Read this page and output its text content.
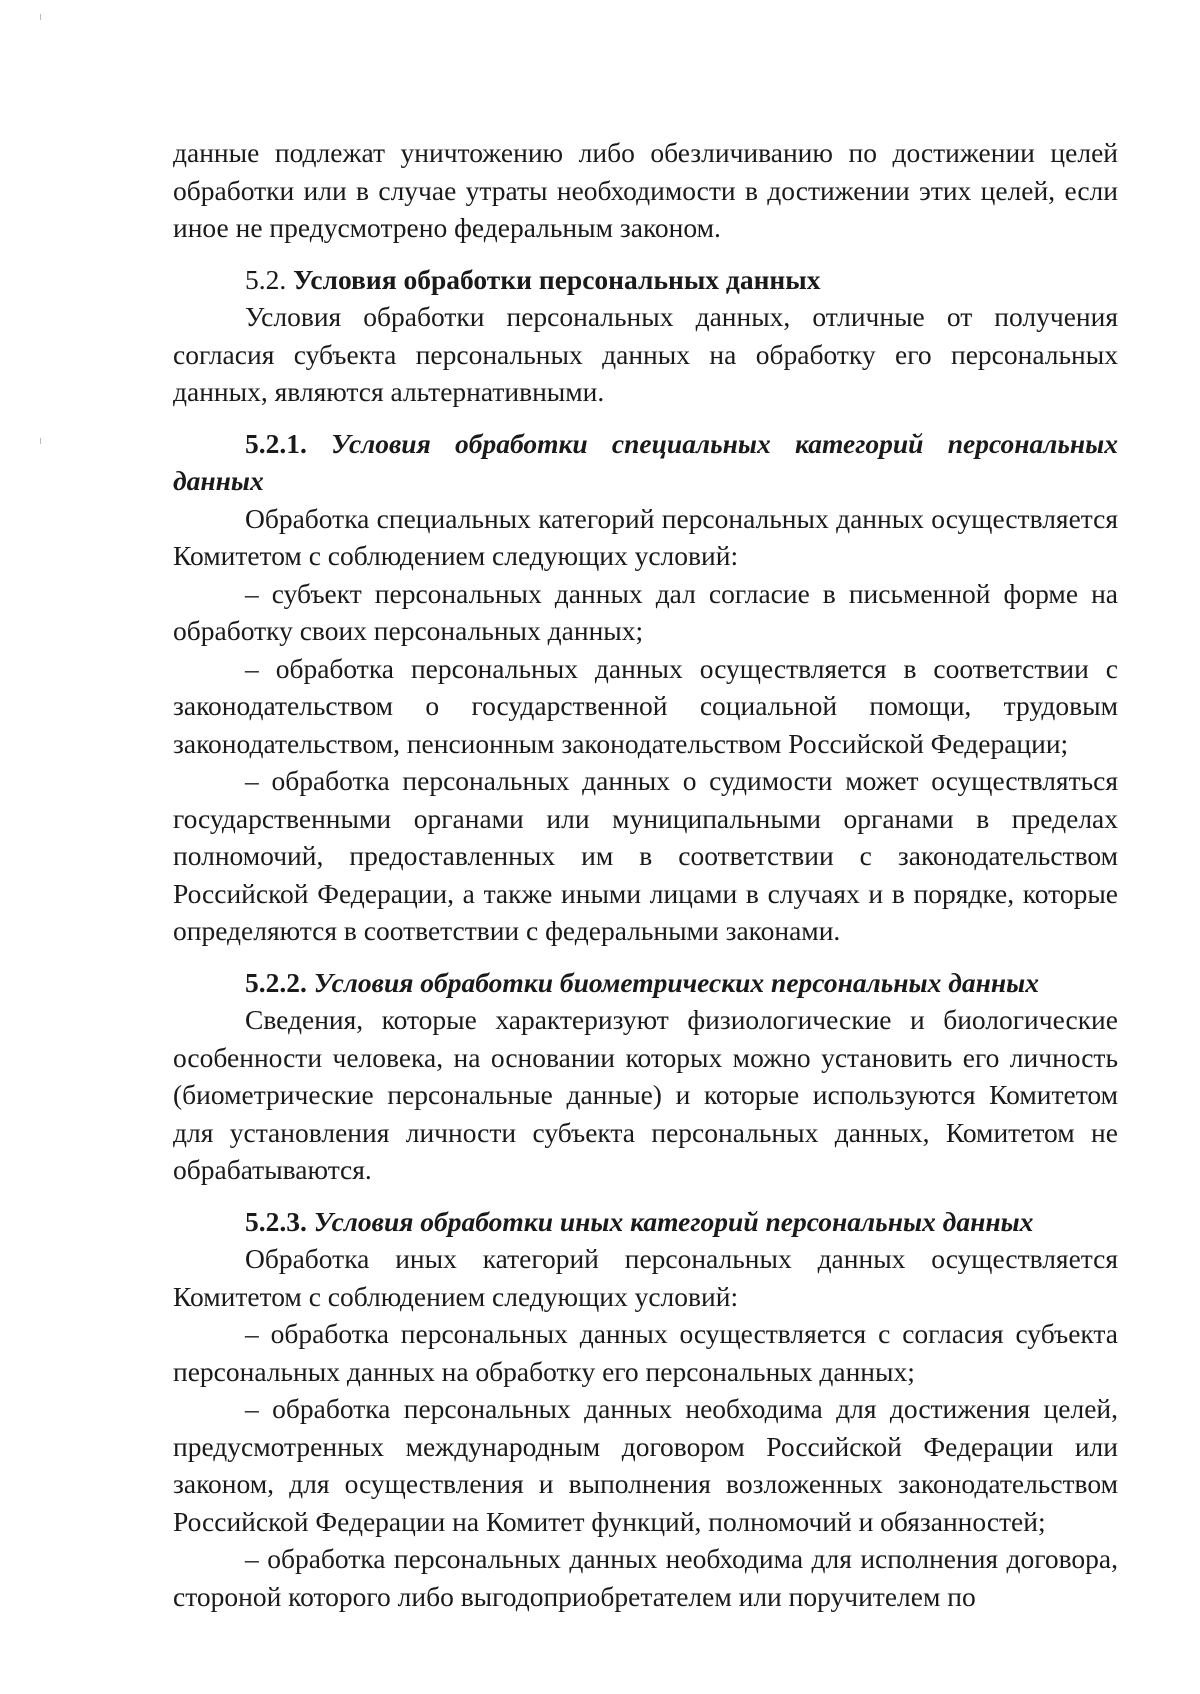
данные подлежат уничтожению либо обезличиванию по достижении целей обработки или в случае утраты необходимости в достижении этих целей, если иное не предусмотрено федеральным законом.

5.2. Условия обработки персональных данных

Условия обработки персональных данных, отличные от получения согласия субъекта персональных данных на обработку его персональных данных, являются альтернативными.

5.2.1. Условия обработки специальных категорий персональных данных

Обработка специальных категорий персональных данных осуществляется Комитетом с соблюдением следующих условий:

– субъект персональных данных дал согласие в письменной форме на обработку своих персональных данных;

– обработка персональных данных осуществляется в соответствии с законодательством о государственной социальной помощи, трудовым законодательством, пенсионным законодательством Российской Федерации;

– обработка персональных данных о судимости может осуществляться государственными органами или муниципальными органами в пределах полномочий, предоставленных им в соответствии с законодательством Российской Федерации, а также иными лицами в случаях и в порядке, которые определяются в соответствии с федеральными законами.

5.2.2. Условия обработки биометрических персональных данных

Сведения, которые характеризуют физиологические и биологические особенности человека, на основании которых можно установить его личность (биометрические персональные данные) и которые используются Комитетом для установления личности субъекта персональных данных, Комитетом не обрабатываются.

5.2.3. Условия обработки иных категорий персональных данных

Обработка иных категорий персональных данных осуществляется Комитетом с соблюдением следующих условий:

– обработка персональных данных осуществляется с согласия субъекта персональных данных на обработку его персональных данных;

– обработка персональных данных необходима для достижения целей, предусмотренных международным договором Российской Федерации или законом, для осуществления и выполнения возложенных законодательством Российской Федерации на Комитет функций, полномочий и обязанностей;

– обработка персональных данных необходима для исполнения договора, стороной которого либо выгодоприобретателем или поручителем по
